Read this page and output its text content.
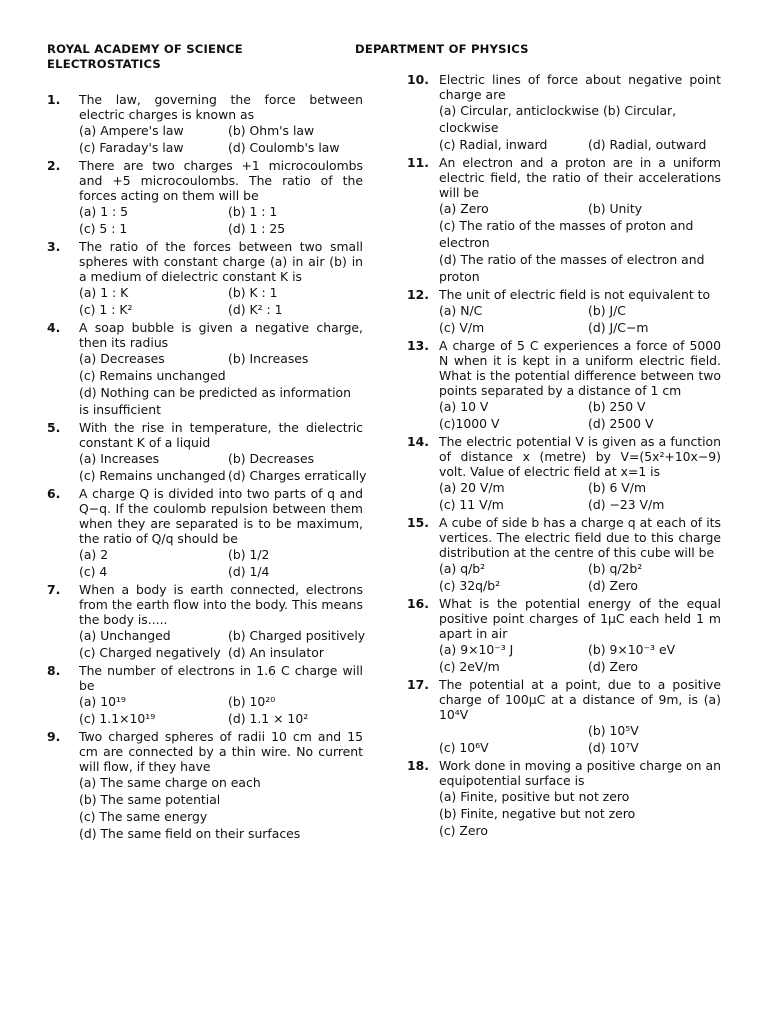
ROYAL ACADEMY OF SCIENCE
ELECTROSTATICS
DEPARTMENT OF PHYSICS
1. The law, governing the force between electric charges is known as
(a) Ampere's law	(b) Ohm's law
(c) Faraday's law	(d) Coulomb's law
2. There are two charges +1 microcoulombs and +5 microcoulombs. The ratio of the forces acting on them will be
(a) 1 : 5	(b) 1 : 1
(c) 5 : 1	(d) 1 : 25
3. The ratio of the forces between two small spheres with constant charge (a) in air (b) in a medium of dielectric constant K is
(a) 1 : K	(b) K : 1
(c) 1 : K²	(d) K² : 1
4. A soap bubble is given a negative charge, then its radius
(a) Decreases	(b) Increases
(c) Remains unchanged
(d) Nothing can be predicted as information is insufficient
5. With the rise in temperature, the dielectric constant K of a liquid
(a) Increases	(b) Decreases
(c) Remains unchanged (d) Charges erratically
6. A charge Q is divided into two parts of q and Q−q. If the coulomb repulsion between them when they are separated is to be maximum, the ratio of Q/q should be
(a) 2	(b) 1/2
(c) 4	(d) 1/4
7. When a body is earth connected, electrons from the earth flow into the body. This means the body is.....
(a) Unchanged	(b) Charged positively
(c) Charged negatively (d) An insulator
8. The number of electrons in 1.6 C charge will be
(a) 10¹⁹	(b) 10²⁰
(c) 1.1×10¹⁹	(d) 1.1 × 10²
9. Two charged spheres of radii 10 cm and 15 cm are connected by a thin wire. No current will flow, if they have
(a) The same charge on each
(b) The same potential
(c) The same energy
(d) The same field on their surfaces
10. Electric lines of force about negative point charge are
(a) Circular, anticlockwise (b) Circular, clockwise
(c) Radial, inward	(d) Radial, outward
11. An electron and a proton are in a uniform electric field, the ratio of their accelerations will be
(a) Zero	(b) Unity
(c) The ratio of the masses of proton and electron
(d) The ratio of the masses of electron and proton
12. The unit of electric field is not equivalent to
(a) N/C	(b) J/C
(c) V/m	(d) J/C−m
13. A charge of 5 C experiences a force of 5000 N when it is kept in a uniform electric field. What is the potential difference between two points separated by a distance of 1 cm
(a) 10 V	(b) 250 V
(c)1000 V	(d) 2500 V
14. The electric potential V is given as a function of distance x (metre) by V=(5x²+10x−9) volt. Value of electric field at x=1 is
(a) 20 V/m	(b) 6 V/m
(c) 11 V/m	(d) −23 V/m
15. A cube of side b has a charge q at each of its vertices. The electric field due to this charge distribution at the centre of this cube will be
(a) q/b²	(b) q/2b²
(c) 32q/b²	(d) Zero
16. What is the potential energy of the equal positive point charges of 1μC each held 1 m apart in air
(a) 9×10⁻³ J	(b) 9×10⁻³ eV
(c) 2eV/m	(d) Zero
17. The potential at a point, due to a positive charge of 100μC at a distance of 9m, is (a) 10⁴V
(b) 10⁵V
(c) 10⁶V	(d) 10⁷V
18. Work done in moving a positive charge on an equipotential surface is
(a) Finite, positive but not zero
(b) Finite, negative but not zero
(c) Zero
